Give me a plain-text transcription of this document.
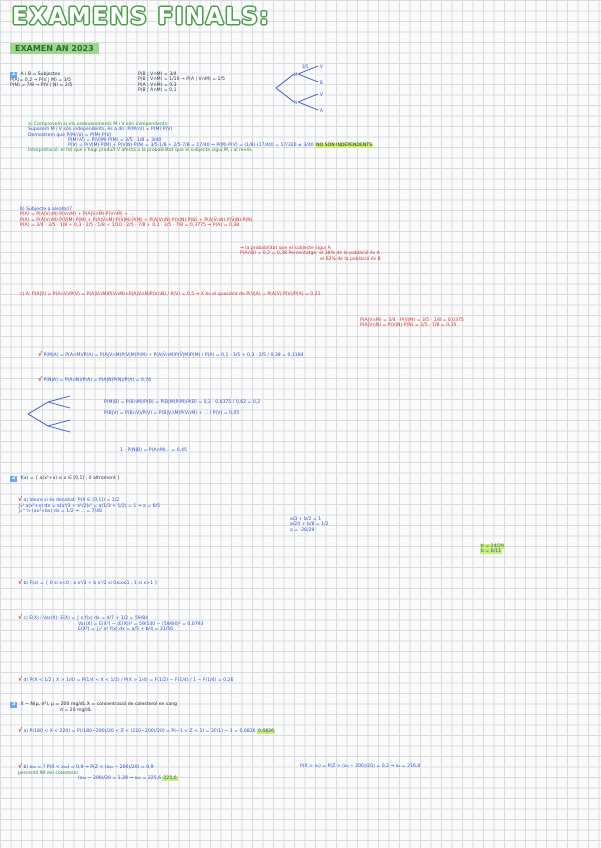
EXAMENS FINALS:
EXAMEN AN 2023
1 A i B = Subjectes
P(A)= 0,2 → P(V | M) = 3/5
P(N) = 7/8 → P(V | N) = 2/5
P(B | V∩M) = 3/4
P(B | V∩M̄) = 1/10 → P(A | V∩M) = 1/5
P(A | V∩M̄) = 0,3
P(B | A∩M) = 0,1
M
N
V
B
V
A
3/5
a) Comprovem si els esdeveniments M i V són independents:
Suposem M i V són independents, és a dir: P(M∩V) = P(M)·P(V)
Demostrem que P(M∩V) = P(M)·P(V)
P(M∩V) = P(V|M)·P(M) = 3/5 · 1/8 = 3/40
P(V) = P(V|M)·P(M) + P(V|N)·P(N) = 3/5·1/8 + 2/5·7/8 = 17/40 ⇒ P(M)·P(V) = (1/8)·(17/40) = 17/320 ≠ 3/40 NO SÓN INDEPENDENTS
Interpretació: el fet que s'hagi produït V afecta a la probabilitat que el subjecte sigui M, i al revés.
b) Subjecte a aleatori?
P(A) = P(A|V∩M)·P(V∩M) + P(A|V∩M̄)·P(V∩M̄) + ...
P(A) = P(A|V∩M)·P(V|M)·P(M) + P(A|V̄∩M)·P(V̄|M)·P(M) + P(A|V∩N)·P(V|N)·P(N) + P(A|V̄∩N)·P(V̄|N)·P(N)
P(A) = 3/4 · 3/5 · 1/8 + 0,3 · 2/5 · 1/8 + 1/10 · 2/5 · 7/8 + 0,1 · 3/5 · 7/8 = 0,3775 ⇒ P(A) = 0,38
⇒ la probabilitat que el subjecte sigui A
P(A∩B) = 0,2 = 0,38 Percentatge: el 38% de la població és A
el 62% de la població és B
c) A: P(A|V) = P(A∩V)/P(V) = P(A|V∩M)P(V∩M)+P(A|V∩N)P(V∩N) / P(V) = 0,5 ⇒ X és el quocient de P(V|A) = P(A|V)·P(V)/P(A) = 0,21
P(A|V∩M) = 3/4 · P(V|M) = 3/5 · 1/8 = 0,0375
P(A|V∩N) = P(V|N)·P(N) = 2/5 · 7/8 = 0,35
√ P(M|A) = P(A∩M)/P(A) = P(A|V∩M)P(V|M)P(M) + P(A|V̄∩M)P(V̄|M)P(M) / P(A) = 0,1 · 3/5 + 0,3 · 2/5 / 0,38 = 0,1184
√ P(N|A) = P(A∩N)/P(A) = P(A|N)P(N)/P(A) = 0,76
P(M|B) = P(B∩M)/P(B) = P(B|M)P(M)/P(B) = 0,2 · 0,0375 / 0,62 = 0,2

P(B|V) = P(B∩V)/P(V) = P(B|V∩M)P(V∩M) + ... / P(V) = 0,05
1 - P(N|B) = P(A∩M)... = 0,45
2 f(x) = { a(x²+x) si x ∈ [0,1] ; 0 altrament }
√ a) Veure si és densitat: P(X ∈ [0,1]) = 1/2
∫₀¹ a(x²+x) dx = a[x³/3 + x²/2]₀¹ = a(1/3 + 1/2) = 1 ⇒ a = 6/5
∫₀^½ (ax²+bx) dx = 1/2 ⇒ ... = 7/48
a/3 + b/2 = 1
a/24 + b/8 = 1/2
a = -26/29
b = 24/29
b = 6/11
√ b) F(x) = { 0 si x<0 ; a x³/3 + b x²/2 si 0≤x≤1 ; 1 si x>1 }
√ c) E(X) i Var(X): E(X) = ∫ x f(x) dx = 4/7 + 1/2 = 59/84
Var(X) = E(X²) − (E(X))² = 59/140 − (59/84)² = 0,0793
E(X²) = ∫₀¹ x² f(x) dx = a/5 + b/4 = 31/56
√ d) P(X < 1/2 | X > 1/4) = P(1/4 < X < 1/2) / P(X > 1/4) = F(1/2) − F(1/4) / 1 − F(1/4) = 0,26
3 X ~ N(μ, σ²), μ = 200 mg/dL X = concentració de colesterol en sang
σ = 20 mg/dL
√ a) P(180 < X < 220) = P((180−200)/20 < Z < (220−200)/20) = P(−1 < Z < 1) = 2F(1) − 1 = 0,6826 0,6826
√ b) x₀₀ = ? P(X < x₀₀) = 0,9 ⇒ P(Z < (x₀₀ − 200)/20) = 0,9
percentil 90 del colesterol
(x₀₀ − 200)/20 = 1,28 ⇒ x₀₀ = 225,6 225,6
P(X > x₀) = P(Z > (x₀ − 200)/20) = 0,2 ⇒ x₀ = 216,8
